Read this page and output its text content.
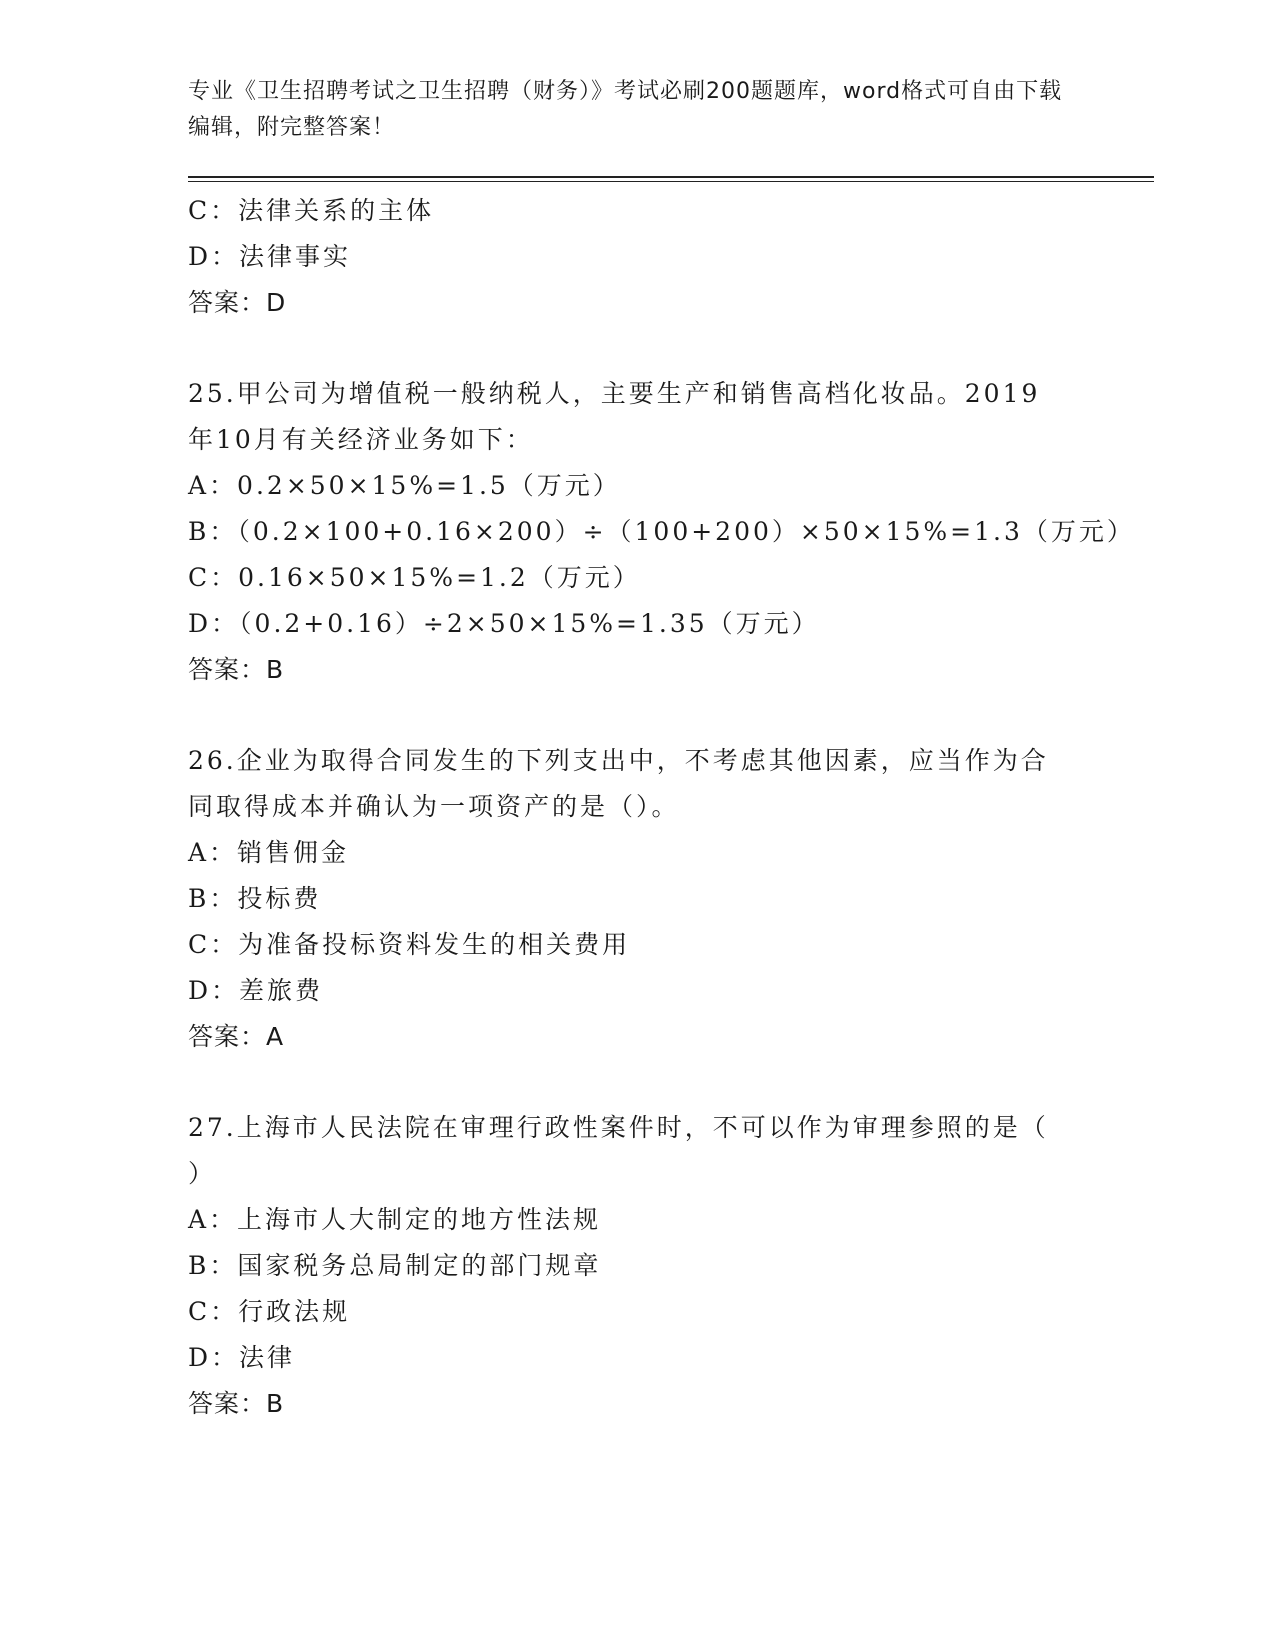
专业《卫生招聘考试之卫生招聘（财务）》考试必刷200题题库，word格式可自由下载编辑，附完整答案！
C：法律关系的主体
D：法律事实
答案：D
25.甲公司为增值税一般纳税人，主要生产和销售高档化妆品。2019
年10月有关经济业务如下：
A：0.2×50×15%=1.5（万元）
B：（0.2×100+0.16×200）÷（100+200）×50×15%=1.3（万元）
C：0.16×50×15%=1.2（万元）
D：（0.2+0.16）÷2×50×15%=1.35（万元）
答案：B
26.企业为取得合同发生的下列支出中，不考虑其他因素，应当作为合
同取得成本并确认为一项资产的是（）。
A：销售佣金
B：投标费
C：为准备投标资料发生的相关费用
D：差旅费
答案：A
27.上海市人民法院在审理行政性案件时，不可以作为审理参照的是（
）
A：上海市人大制定的地方性法规
B：国家税务总局制定的部门规章
C：行政法规
D：法律
答案：B
